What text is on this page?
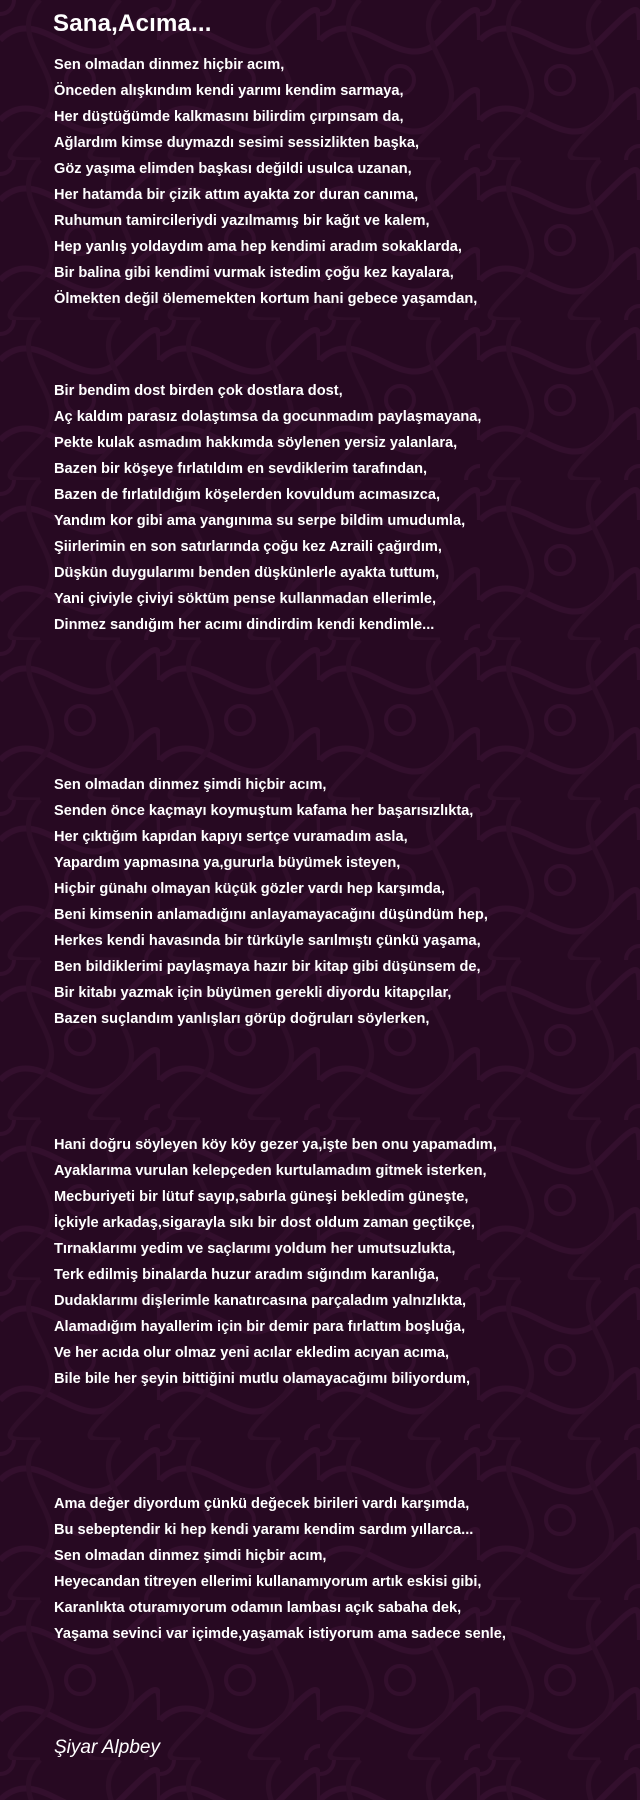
Sana,Acıma...
Sen olmadan dinmez hiçbir acım,
Önceden alışkındım kendi yarımı kendim sarmaya,
Her düştüğümde kalkmasını bilirdim çırpınsam da,
Ağlardım kimse duymazdı sesimi sessizlikten başka,
Göz yaşıma elimden başkası değildi usulca uzanan,
Her hatamda bir çizik attım ayakta zor duran canıma,
Ruhumun tamircileriydi yazılmamış bir kağıt ve kalem,
Hep yanlış yoldaydım ama hep kendimi aradım sokaklarda,
Bir balina gibi kendimi vurmak istedim çoğu kez kayalara,
Ölmekten değil ölememekten kortum hani gebece yaşamdan,
Bir bendim dost birden çok dostlara dost,
Aç kaldım parasız dolaştımsa da gocunmadım paylaşmayana,
Pekte kulak asmadım hakkımda söylenen yersiz yalanlara,
Bazen bir köşeye fırlatıldım en sevdiklerim tarafından,
Bazen de fırlatıldığım köşelerden kovuldum acımasızca,
Yandım kor gibi ama yangınıma su serpe bildim umudumla,
Şiirlerimin en son satırlarında çoğu kez Azraili çağırdım,
Düşkün duygularımı benden düşkünlerle ayakta tuttum,
Yani çiviyle çiviyi söktüm pense kullanmadan ellerimle,
Dinmez sandığım her acımı dindirdim kendi kendimle...
Sen olmadan dinmez şimdi hiçbir acım,
Senden önce kaçmayı koymuştum kafama her başarısızlıkta,
Her çıktığım kapıdan kapıyı sertçe vuramadım asla,
Yapardım yapmasına ya,gururla büyümek isteyen,
Hiçbir günahı olmayan küçük gözler vardı hep karşımda,
Beni kimsenin anlamadığını anlayamayacağını düşündüm hep,
Herkes kendi havasında bir türküyle sarılmıştı çünkü yaşama,
Ben bildiklerimi paylaşmaya hazır bir kitap gibi düşünsem de,
Bir kitabı yazmak için büyümen gerekli diyordu kitapçılar,
Bazen suçlandım yanlışları görüp doğruları söylerken,
Hani doğru söyleyen köy köy gezer ya,işte ben onu yapamadım,
Ayaklarıma vurulan kelepçeden kurtulamadım gitmek isterken,
Mecburiyeti bir lütuf sayıp,sabırla güneşi bekledim güneşte,
İçkiyle arkadaş,sigarayla sıkı bir dost oldum zaman geçtikçe,
Tırnaklarımı yedim ve saçlarımı yoldum her umutsuzlukta,
Terk edilmiş binalarda huzur aradım sığındım karanlığa,
Dudaklarımı dişlerimle kanatırcasına parçaladım yalnızlıkta,
Alamadığım hayallerim için bir demir para fırlattım boşluğa,
Ve her acıda olur olmaz yeni acılar ekledim acıyan acıma,
Bile bile her şeyin bittiğini mutlu olamayacağımı biliyordum,
Ama değer diyordum çünkü değecek birileri vardı karşımda,
Bu sebeptendir ki hep kendi yaramı kendim sardım yıllarca...
Sen olmadan dinmez şimdi hiçbir acım,
Heyecandan titreyen ellerimi kullanamıyorum artık eskisi gibi,
Karanlıkta oturamıyorum odamın lambası açık sabaha dek,
Yaşama sevinci var içimde,yaşamak istiyorum ama sadece senle,
Şiyar Alpbey
